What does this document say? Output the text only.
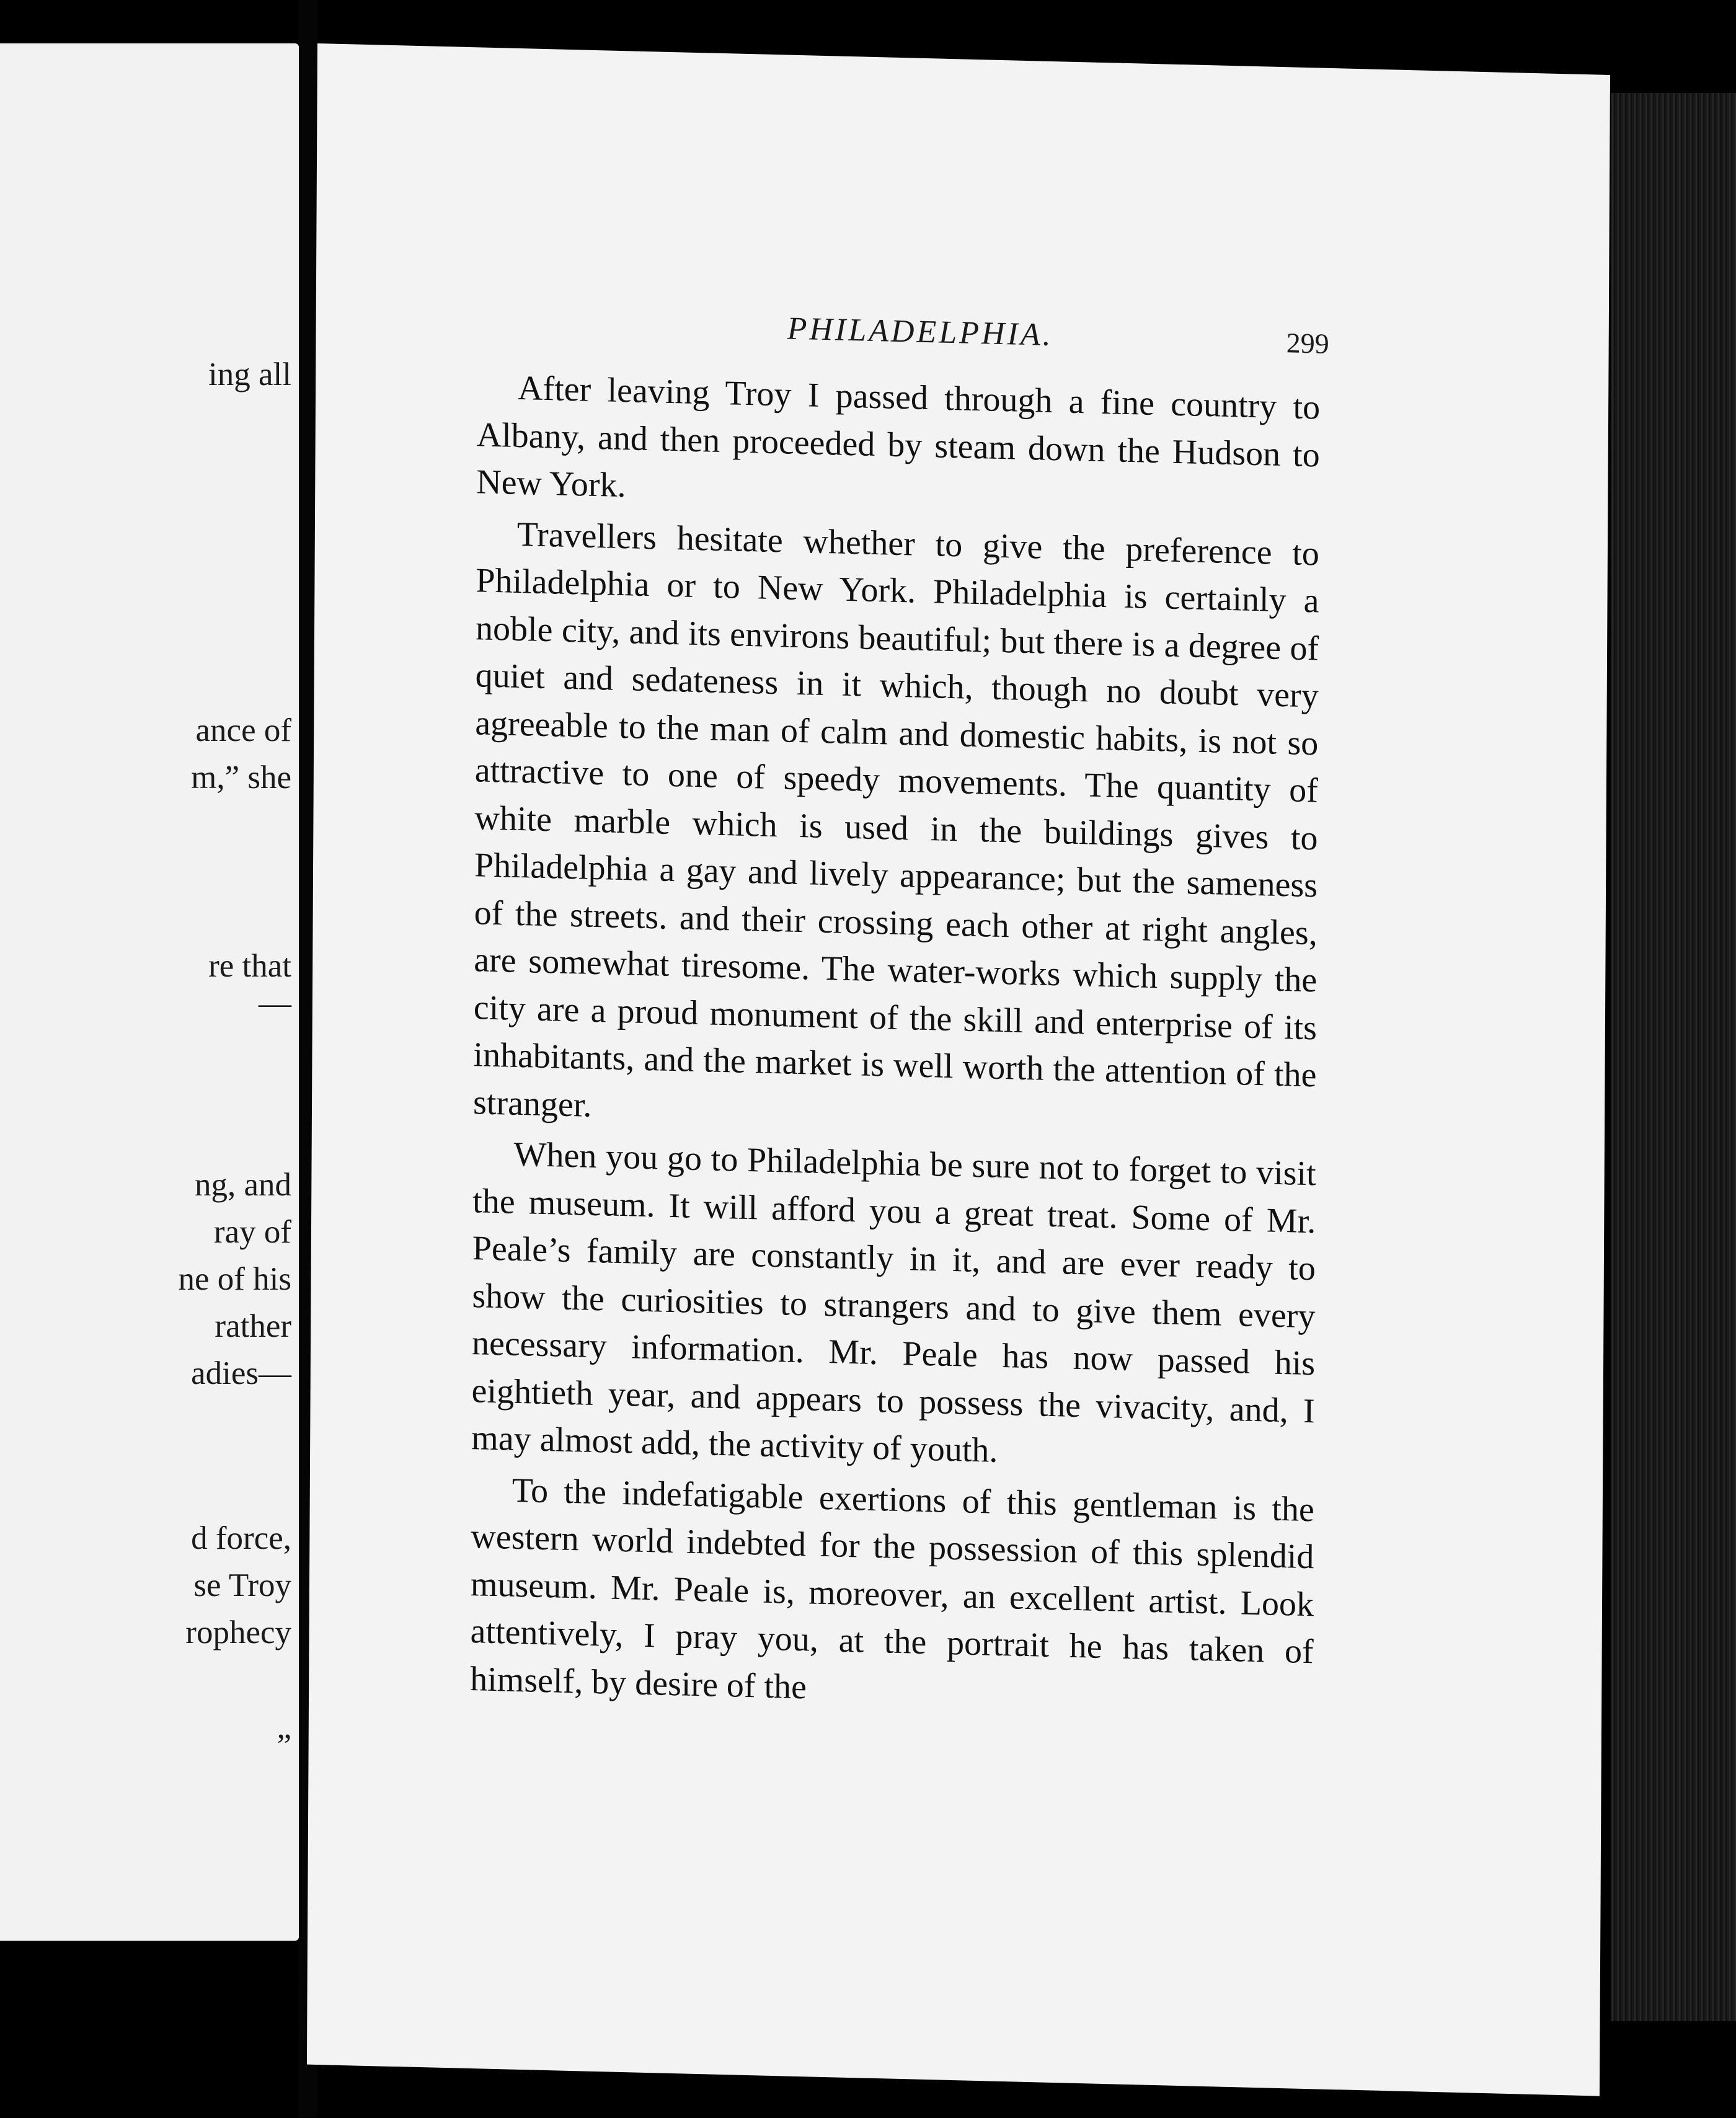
ing all
ance of
m,” she
re that
—
ng, and
ray of
ne of his
rather
adies—
d force,
se Troy
rophecy
”
PHILADELPHIA.	299

After leaving Troy I passed through a fine country to Albany, and then proceeded by steam down the Hudson to New York.

Travellers hesitate whether to give the preference to Philadelphia or to New York. Philadelphia is certainly a noble city, and its environs beautiful; but there is a degree of quiet and sedateness in it which, though no doubt very agreeable to the man of calm and domestic habits, is not so attractive to one of speedy movements. The quantity of white marble which is used in the buildings gives to Philadelphia a gay and lively appearance; but the sameness of the streets. and their crossing each other at right angles, are somewhat tiresome. The water-works which supply the city are a proud monument of the skill and enterprise of its inhabitants, and the market is well worth the attention of the stranger.

When you go to Philadelphia be sure not to forget to visit the museum. It will afford you a great treat. Some of Mr. Peale’s family are constantly in it, and are ever ready to show the curiosities to strangers and to give them every necessary information. Mr. Peale has now passed his eightieth year, and appears to possess the vivacity, and, I may almost add, the activity of youth.

To the indefatigable exertions of this gentleman is the western world indebted for the possession of this splendid museum. Mr. Peale is, moreover, an excellent artist. Look attentively, I pray you, at the portrait he has taken of himself, by desire of the
